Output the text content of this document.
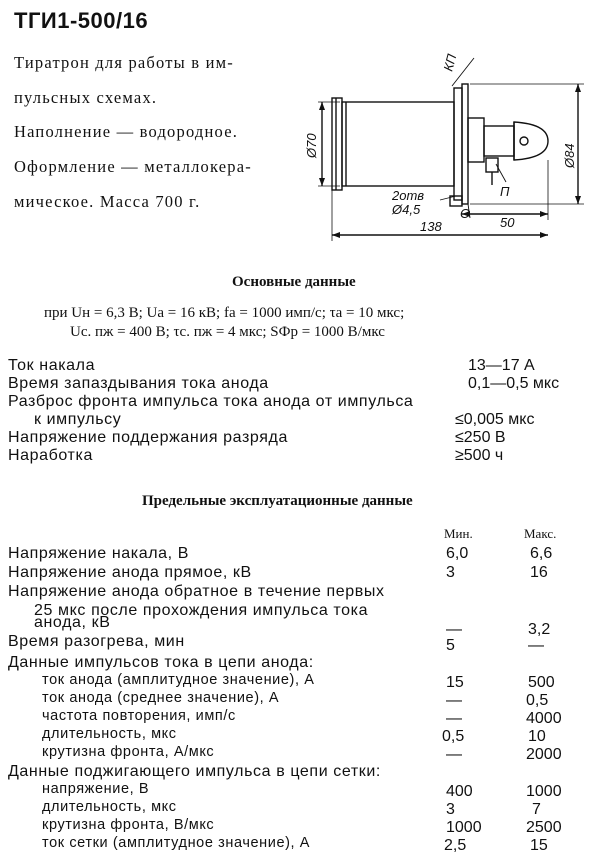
ТГИ1-500/16
Тиратрон для работы в им-
пульсных схемах.
Наполнение — водородное.
Оформление — металлокера-
мическое. Масса 700 г.
КП
П
С
Ø70	Ø84
2отв
Ø4,5
138	50
Основные данные
при Uн = 6,3 В; Uа = 16 кВ; fа = 1000 имп/с; τа = 10 мкс;
Uс. пж = 400 В; τс. пж = 4 мкс; SФр = 1000 В/мкс
Ток накала	13—17 А
Время запаздывания тока анода	0,1—0,5 мкс
Разброс фронта импульса тока анода от импульса
к импульсу	≤0,005 мкс
Напряжение поддержания разряда	≤250 В
Наработка	≥500 ч
Предельные эксплуатационные данные
Мин.	Макс.
Напряжение накала, В	6,0	6,6
Напряжение анода прямое, кВ	3	16
Напряжение анода обратное в течение первых
25 мкс после прохождения импульса тока
анода, кВ	—	3,2
Время разогрева, мин	5	—
Данные импульсов тока в цепи анода:
ток анода (амплитудное значение), А	15	500
ток анода (среднее значение), А	—	0,5
частота повторения, имп/с	—	4000
длительность, мкс	0,5	10
крутизна фронта, А/мкс	—	2000
Данные поджигающего импульса в цепи сетки:
напряжение, В	400	1000
длительность, мкс	3	7
крутизна фронта, В/мкс	1000	2500
ток сетки (амплитудное значение), А	2,5	15
